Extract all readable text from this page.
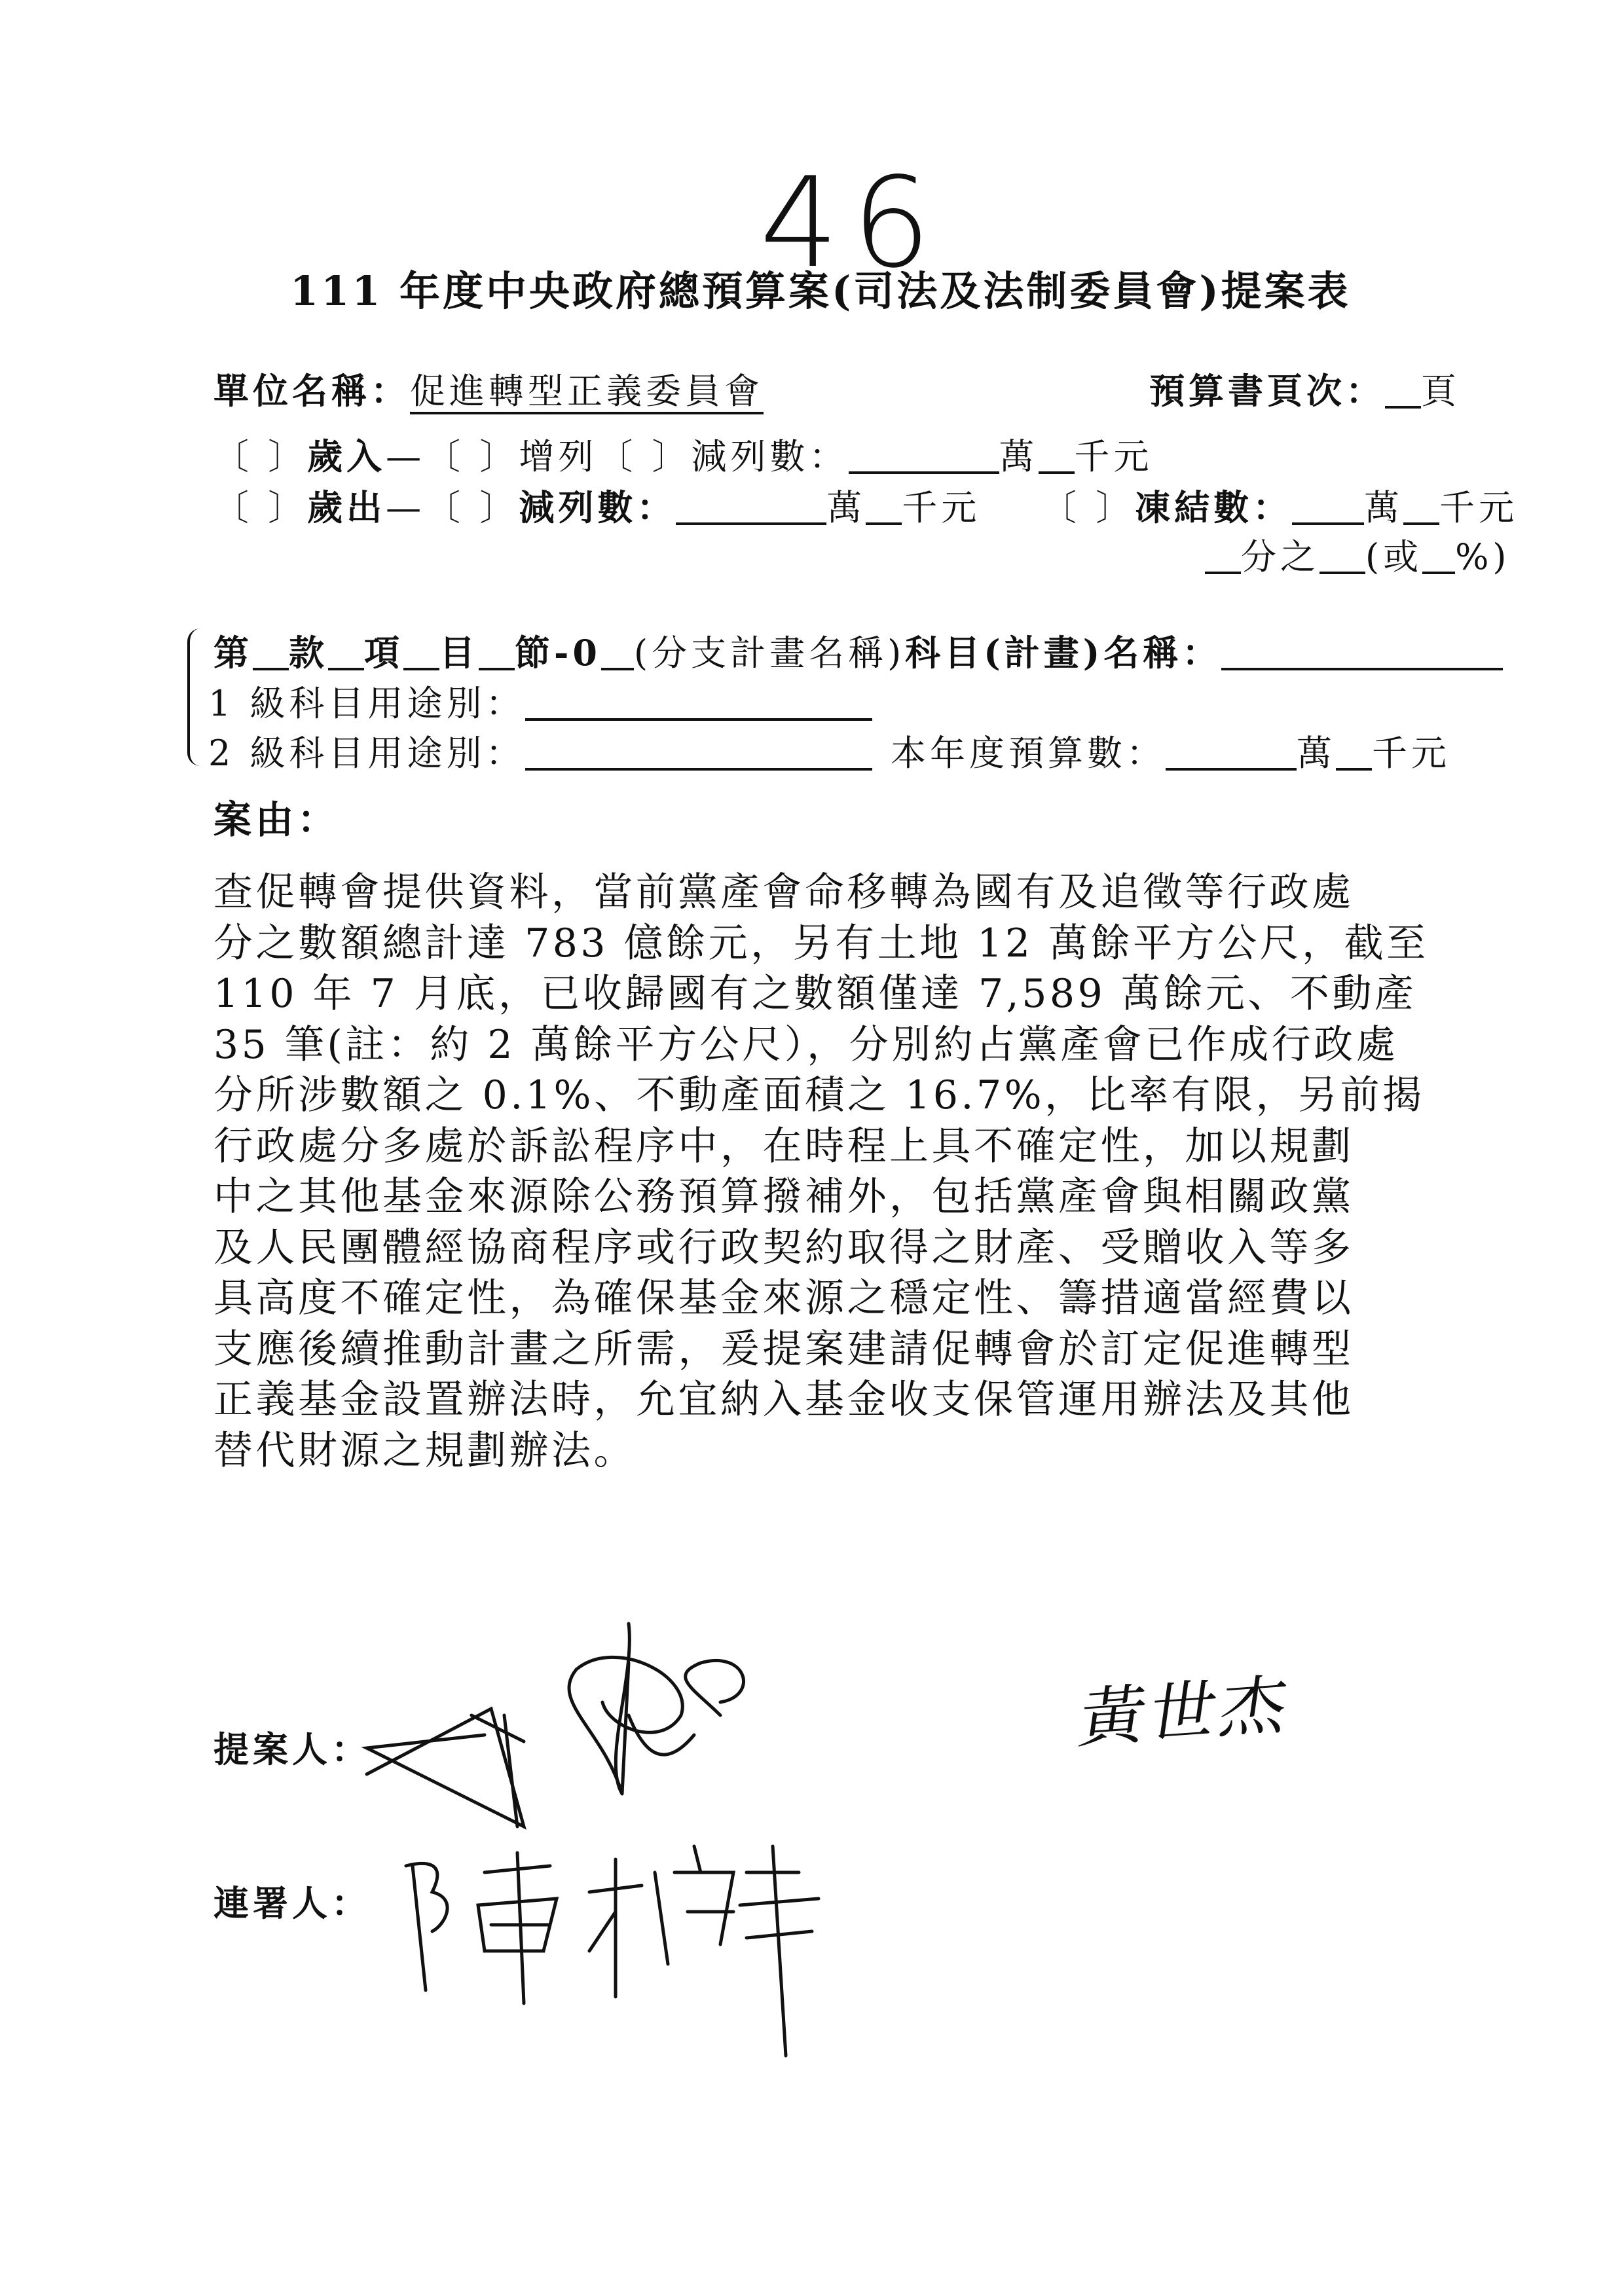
46
111 年度中央政府總預算案(司法及法制委員會)提案表
單位名稱：促進轉型正義委員會	預算書頁次： 頁
〔 〕歲入—〔 〕增列〔 〕減列數：	萬 千元
〔 〕歲出—〔 〕減列數：	萬 千元 〔 〕凍結數： 萬 千元
分之 (或 %)
第 款 項 目 節-0 (分支計畫名稱)科目(計畫)名稱：
1 級科目用途別：
2 級科目用途別：	本年度預算數：	萬 千元
案由：
查促轉會提供資料，當前黨產會命移轉為國有及追徵等行政處
分之數額總計達 783 億餘元，另有土地 12 萬餘平方公尺，截至
110 年 7 月底，已收歸國有之數額僅達 7,589 萬餘元、不動產
35 筆(註：約 2 萬餘平方公尺），分別約占黨產會已作成行政處
分所涉數額之 0.1%、不動產面積之 16.7%，比率有限，另前揭
行政處分多處於訴訟程序中，在時程上具不確定性，加以規劃
中之其他基金來源除公務預算撥補外，包括黨產會與相關政黨
及人民團體經協商程序或行政契約取得之財產、受贈收入等多
具高度不確定性，為確保基金來源之穩定性、籌措適當經費以
支應後續推動計畫之所需，爰提案建請促轉會於訂定促進轉型
正義基金設置辦法時，允宜納入基金收支保管運用辦法及其他
替代財源之規劃辦法。
提案人：
連署人：
黃世杰
